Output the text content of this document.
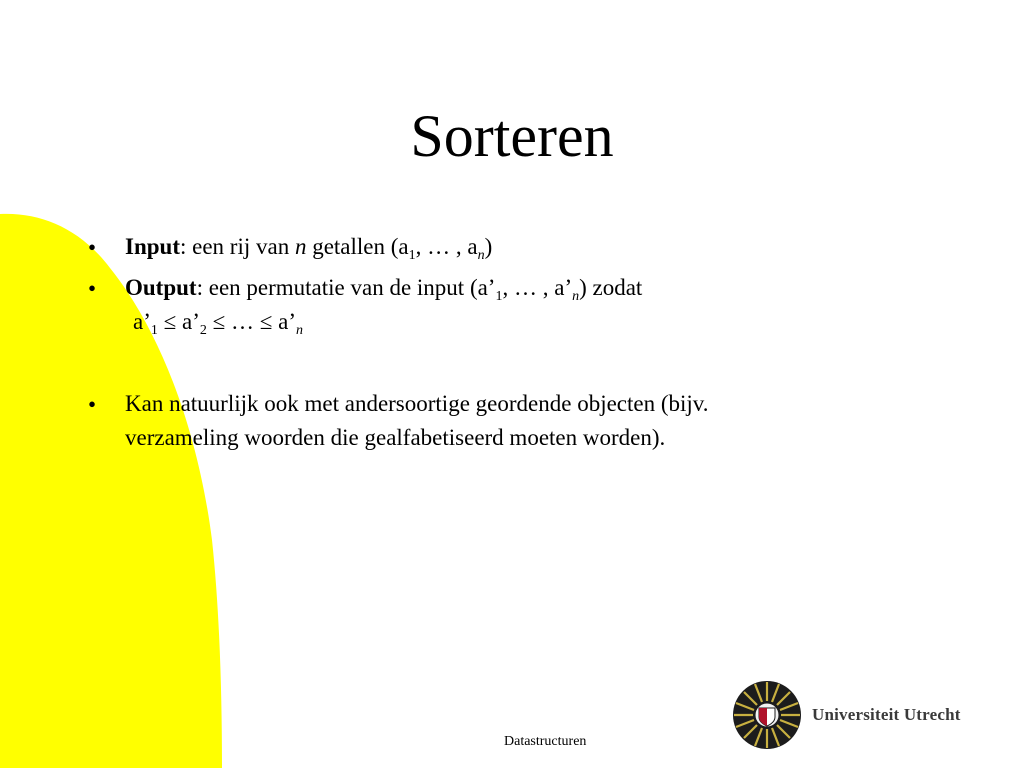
Sorteren
• Input: een rij van n getallen ($a_1$, … , $a_n$)
• Output: een permutatie van de input ($a’_1$, … , $a’_n$) zodat
$a’_1$ ≤ $a’_2$ ≤ … ≤ $a’_n$
• Kan natuurlijk ook met andersoortige geordende objecten (bijv.
verzameling woorden die gealfabetiseerd moeten worden).
Datastructuren
Universiteit Utrecht
